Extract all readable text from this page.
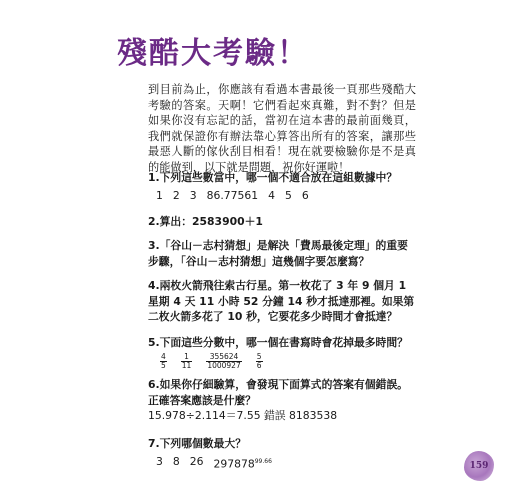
殘酷大考驗！

到目前為止，你應該有看過本書最後一頁那些殘酷大考驗的答案。天啊！它們看起來真難，對不對？但是如果你沒有忘記的話，當初在這本書的最前面幾頁，我們就保證你有辦法靠心算答出所有的答案，讓那些最惡人斷的傢伙刮目相看！現在就要檢驗你是不是真的能做到，以下就是問題，祝你好運啦！

1.下列這些數當中，哪一個不適合放在這組數據中？
1 2 3 86.77561 4 5 6
2.算出：2583900＋1
3.「谷山－志村猜想」是解決「費馬最後定理」的重要步驟，「谷山－志村猜想」這幾個字要怎麼寫？
4.兩枚火箭飛往索古行星。第一枚花了 3 年 9 個月 1 星期 4 天 11 小時 52 分鐘 14 秒才抵達那裡。如果第二枚火箭多花了 10 秒，它要花多少時間才會抵達？
5.下面這些分數中，哪一個在書寫時會花掉最多時間？
$\frac{4}{5} \frac{1}{11} \frac{355624}{1000927} \frac{5}{6}$
6.如果你仔細驗算，會發現下面算式的答案有個錯誤。正確答案應該是什麼？
15.978÷2.114＝7.55 錯誤 8183538
7.下列哪個數最大？
3 8 26 $297878^{99.66}$	159
